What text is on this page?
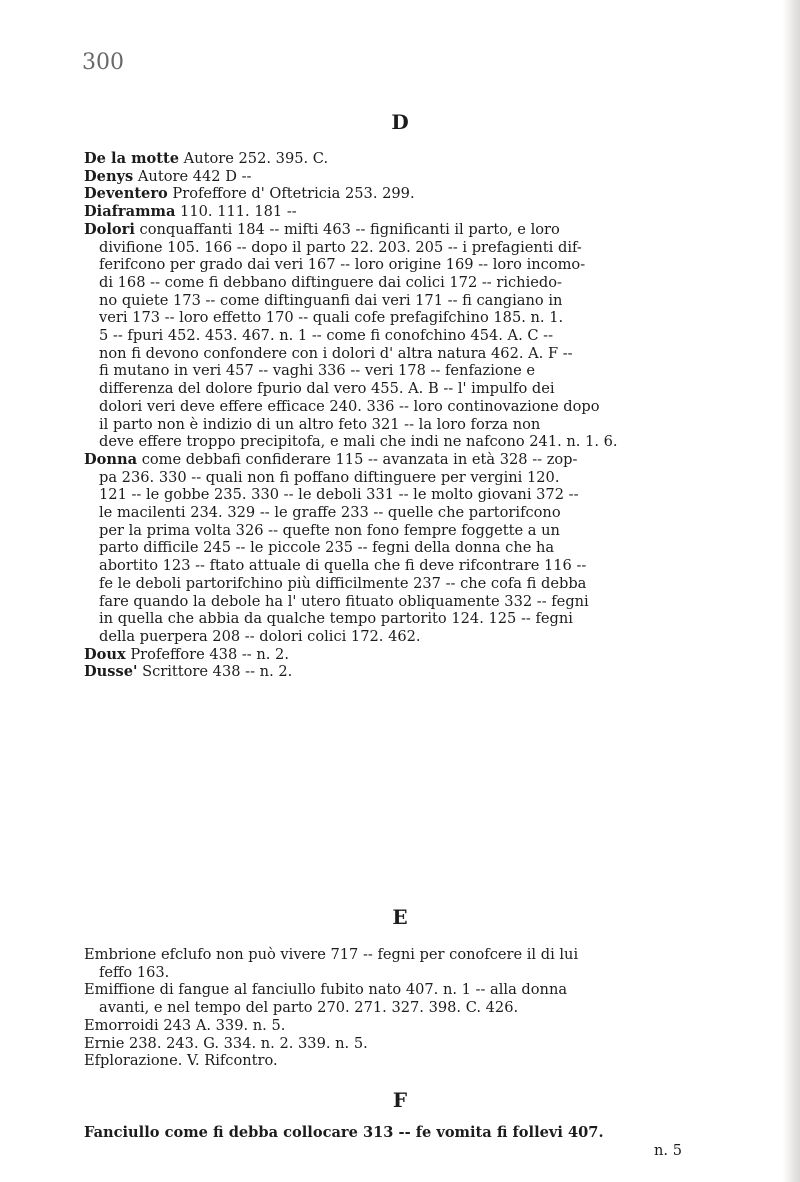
300
D

De la motte Autore 252. 395. C.

Denys Autore 442 D --

Deventero Profeffore d' Oftetricia 253. 299.

Diaframma 110. 111. 181 --

Dolori conquaffanti 184 -- mifti 463 -- fignificanti il parto, e loro
divifione 105. 166 -- dopo il parto 22. 203. 205 -- i prefagienti dif-
ferifcono per grado dai veri 167 -- loro origine 169 -- loro incomo-
di 168 -- come fi debbano diftinguere dai colici 172 -- richiedo-
no quiete 173 -- come diftinguanfi dai veri 171 -- fi cangiano in
veri 173 -- loro effetto 170 -- quali cofe prefagifchino 185. n. 1.
5 -- fpuri 452. 453. 467. n. 1 -- come fi conofchino 454. A. C --
non fi devono confondere con i dolori d' altra natura 462. A. F --
fi mutano in veri 457 -- vaghi 336 -- veri 178 -- fenfazione e
differenza del dolore fpurio dal vero 455. A. B -- l' impulfo dei
dolori veri deve effere efficace 240. 336 -- loro continovazione dopo
il parto non è indizio di un altro feto 321 -- la loro forza non
deve effere troppo precipitofa, e mali che indi ne nafcono 241. n. 1. 6.

Donna come debbafi confiderare 115 -- avanzata in età 328 -- zop-
pa 236. 330 -- quali non fi poffano diftinguere per vergini 120.
121 -- le gobbe 235. 330 -- le deboli 331 -- le molto giovani 372 --
le macilenti 234. 329 -- le graffe 233 -- quelle che partorifcono
per la prima volta 326 -- quefte non fono fempre foggette a un
parto difficile 245 -- le piccole 235 -- fegni della donna che ha
abortito 123 -- ftato attuale di quella che fi deve rifcontrare 116 --
fe le deboli partorifchino più difficilmente 237 -- che cofa fi debba
fare quando la debole ha l' utero fituato obliquamente 332 -- fegni
in quella che abbia da qualche tempo partorito 124. 125 -- fegni
della puerpera 208 -- dolori colici 172. 462.

Doux Profeffore 438 -- n. 2.

Dusse' Scrittore 438 -- n. 2.

E

Embrione efclufo non può vivere 717 -- fegni per conofcere il di lui
feffo 163.

Emiffione di fangue al fanciullo fubito nato 407. n. 1 -- alla donna
avanti, e nel tempo del parto 270. 271. 327. 398. C. 426.

Emorroidi 243 A. 339. n. 5.

Ernie 238. 243. G. 334. n. 2. 339. n. 5.

Efplorazione. V. Rifcontro.

F

Fanciullo come fi debba collocare 313 -- fe vomita fi follevi 407.

n. 5
